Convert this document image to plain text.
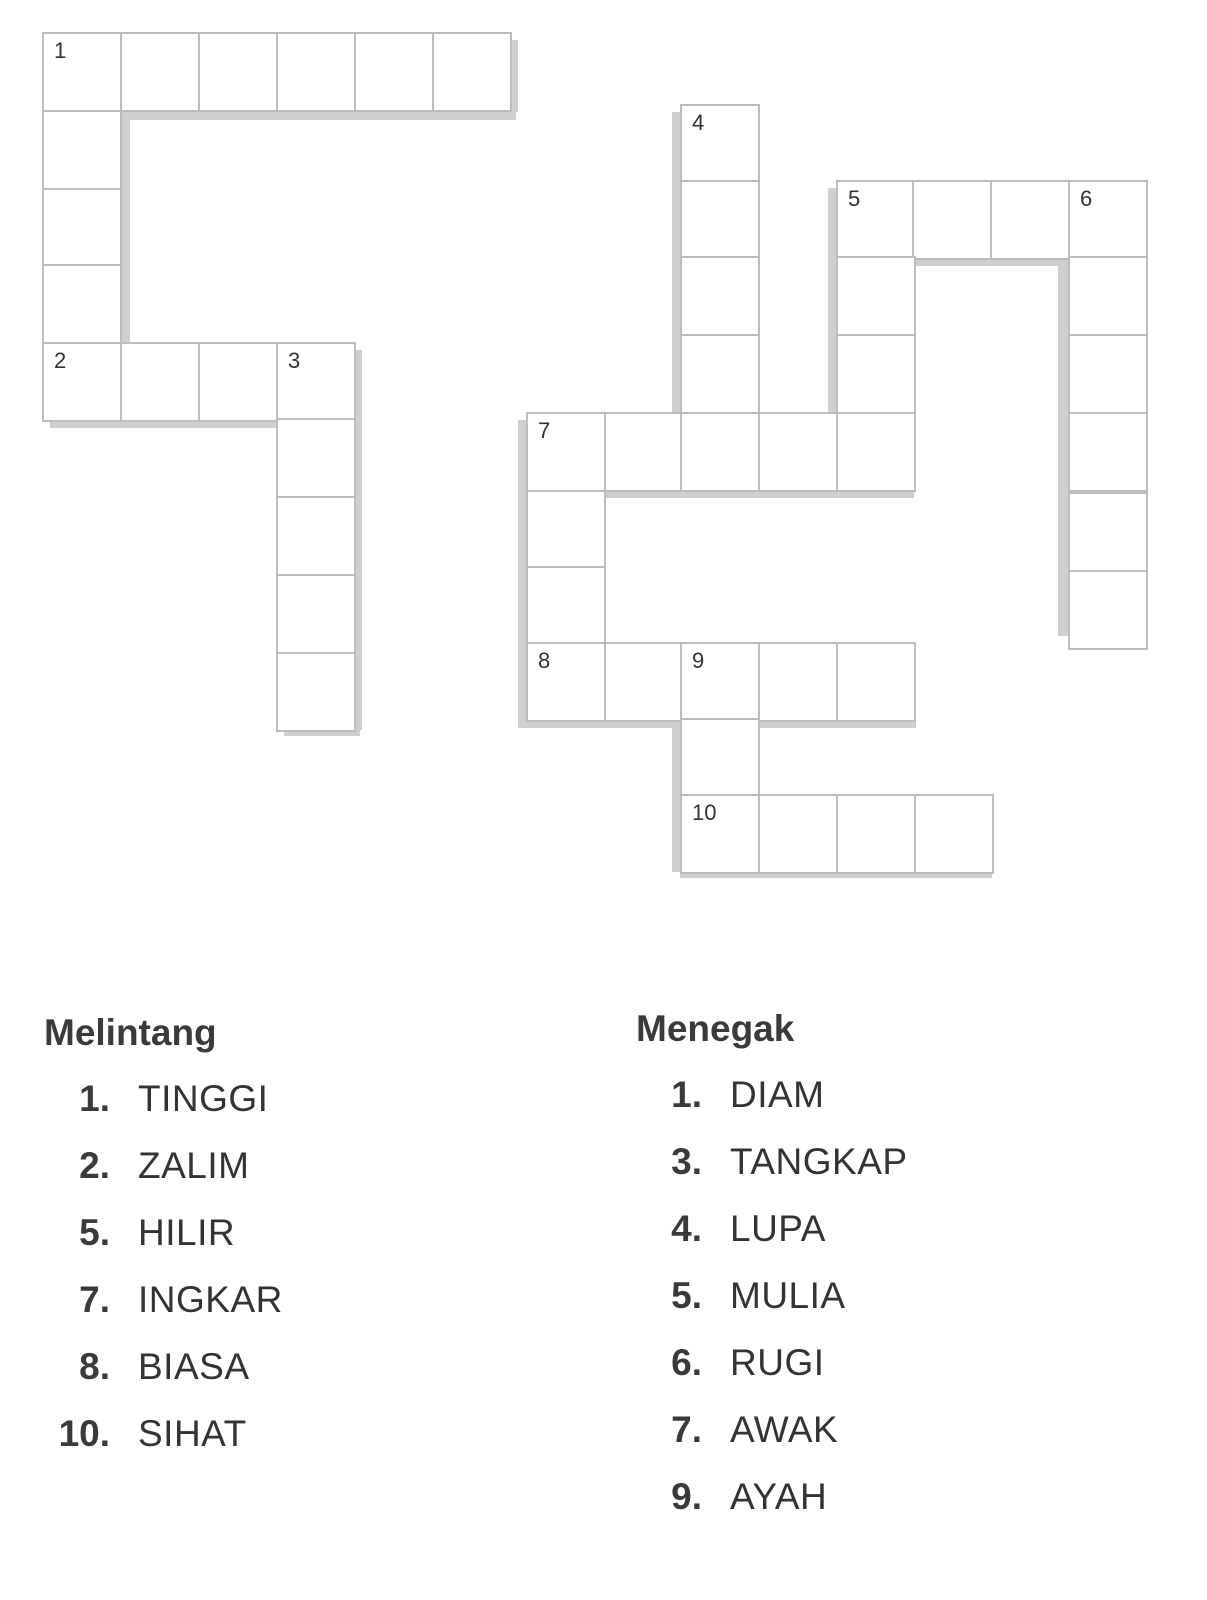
1
2	3
4
5	6
7
8	9
10
Melintang
1. TINGGI
2. ZALIM
5. HILIR
7. INGKAR
8. BIASA
10. SIHAT
Menegak
1. DIAM
3. TANGKAP
4. LUPA
5. MULIA
6. RUGI
7. AWAK
9. AYAH
